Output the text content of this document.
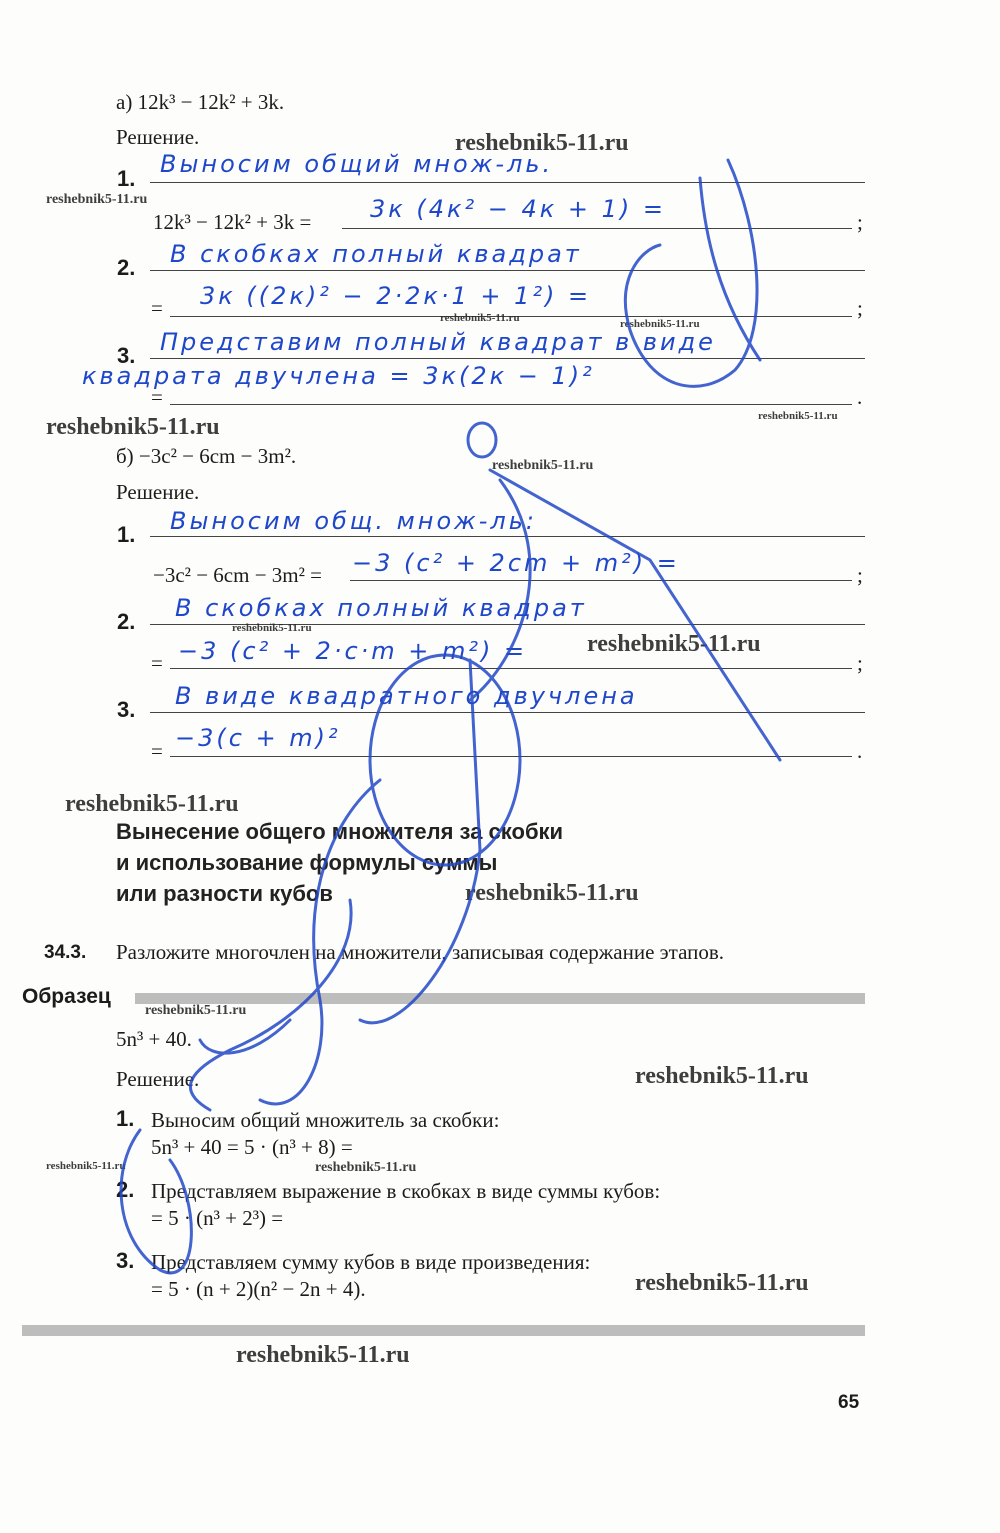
а) 12k³ − 12k² + 3k.
Решение.
1.
Выносим общий множ-ль.
12k³ − 12k² + 3k = 3к (4к² − 4к + 1) =	;
2. В скобках полный квадрат
= 3к ((2к)² − 2·2к·1 + 1²) =	;
3. Представим полный квадрат в виде
квадрата двучлена = 3к(2к − 1)²
=	.
б) −3c² − 6cm − 3m².
Решение.
1. Выносим общ. множ-ль:
−3c² − 6cm − 3m² = −3 (c² + 2cm + m²) =	;
2. В скобках полный квадрат
= −3 (c² + 2·c·m + m²) =	;
3. В виде квадратного двучлена
= −3(c + m)²	.
Вынесение общего множителя за скобки
и использование формулы суммы
или разности кубов
34.3. Разложите многочлен на множители, записывая содержание этапов.
Образец
5n³ + 40.
Решение.
1. Выносим общий множитель за скобки:
5n³ + 40 = 5 · (n³ + 8) =
2. Представляем выражение в скобках в виде суммы кубов:
= 5 · (n³ + 2³) =
3. Представляем сумму кубов в виде произведения:
= 5 · (n + 2)(n² − 2n + 4).
65
reshebnik5-11.ru
reshebnik5-11.ru
reshebnik5-11.ru	reshebnik5-11.ru
reshebnik5-11.ru
reshebnik5-11.ru
reshebnik5-11.ru
reshebnik5-11.ru
reshebnik5-11.ru
reshebnik5-11.ru
reshebnik5-11.ru
reshebnik5-11.ru
reshebnik5-11.ru
reshebnik5-11.ru	reshebnik5-11.ru
reshebnik5-11.ru
reshebnik5-11.ru
